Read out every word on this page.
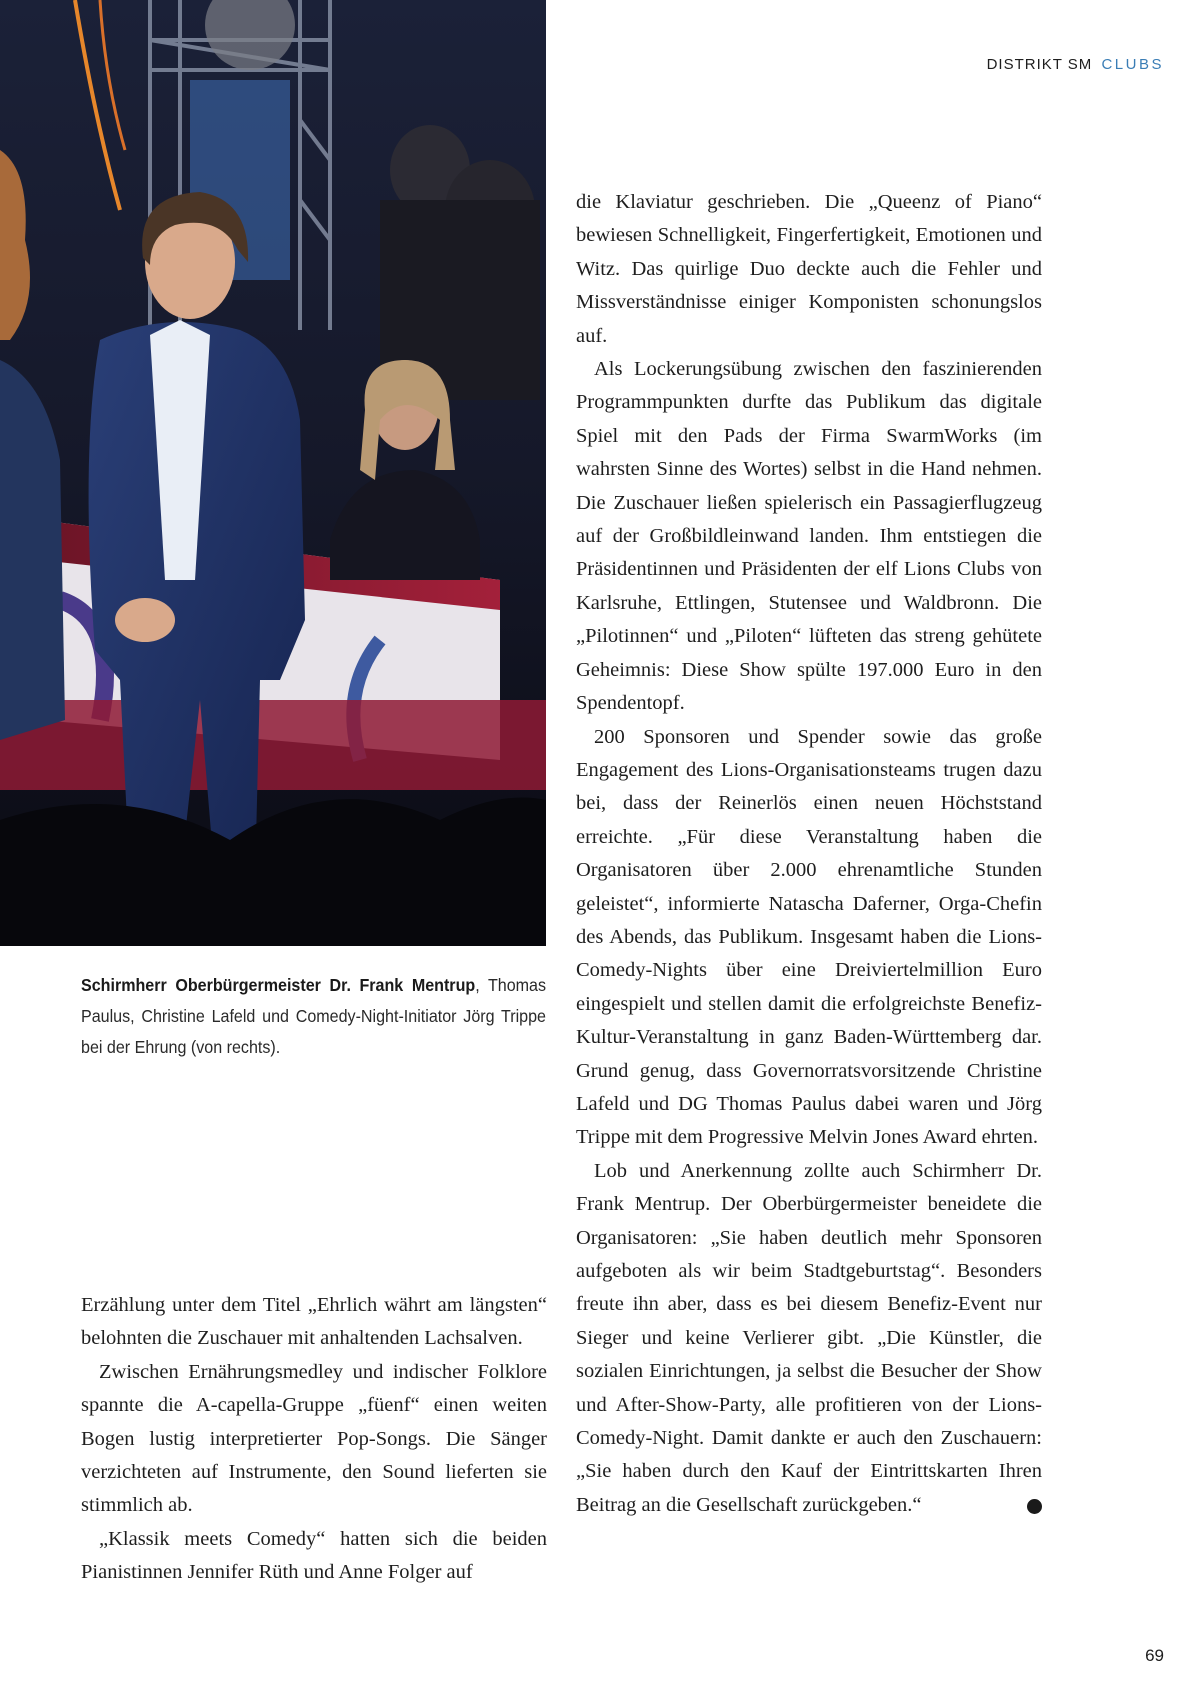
DISTRIKT SM CLUBS
Schirmherr Oberbürgermeister Dr. Frank Mentrup, Thomas Paulus, Christine Lafeld und Comedy-Night-Initiator Jörg Trippe bei der Ehrung (von rechts).

Erzählung unter dem Titel „Ehrlich währt am längsten“ belohnten die Zuschauer mit anhaltenden Lachsalven.

Zwischen Ernährungsmedley und indischer Folklore spannte die A-capella-Gruppe „füenf“ einen weiten Bogen lustig interpretierter Pop-Songs. Die Sänger verzichteten auf Instrumente, den Sound lieferten sie stimmlich ab.

„Klassik meets Comedy“ hatten sich die beiden Pianistinnen Jennifer Rüth und Anne Folger auf

die Klaviatur geschrieben. Die „Queenz of Piano“ bewiesen Schnelligkeit, Fingerfertigkeit, Emotionen und Witz. Das quirlige Duo deckte auch die Fehler und Missverständnisse einiger Komponisten schonungslos auf.

Als Lockerungsübung zwischen den faszinierenden Programmpunkten durfte das Publikum das digitale Spiel mit den Pads der Firma SwarmWorks (im wahrsten Sinne des Wortes) selbst in die Hand nehmen. Die Zuschauer ließen spielerisch ein Passagierflugzeug auf der Großbildleinwand landen. Ihm entstiegen die Präsidentinnen und Präsidenten der elf Lions Clubs von Karlsruhe, Ettlingen, Stutensee und Waldbronn. Die „Pilotinnen“ und „Piloten“ lüfteten das streng gehütete Geheimnis: Diese Show spülte 197.000 Euro in den Spendentopf.

200 Sponsoren und Spender sowie das große Engagement des Lions-Organisationsteams trugen dazu bei, dass der Reinerlös einen neuen Höchststand erreichte. „Für diese Veranstaltung haben die Organisatoren über 2.000 ehrenamtliche Stunden geleistet“, informierte Natascha Daferner, Orga-Chefin des Abends, das Publikum. Insgesamt haben die Lions-Comedy-Nights über eine Dreiviertelmillion Euro eingespielt und stellen damit die erfolgreichste Benefiz-Kultur-Veranstaltung in ganz Baden-Württemberg dar. Grund genug, dass Governorratsvorsitzende Christine Lafeld und DG Thomas Paulus dabei waren und Jörg Trippe mit dem Progressive Melvin Jones Award ehrten.

Lob und Anerkennung zollte auch Schirmherr Dr. Frank Mentrup. Der Oberbürgermeister beneidete die Organisatoren: „Sie haben deutlich mehr Sponsoren aufgeboten als wir beim Stadtgeburtstag“. Besonders freute ihn aber, dass es bei diesem Benefiz-Event nur Sieger und keine Verlierer gibt. „Die Künstler, die sozialen Einrichtungen, ja selbst die Besucher der Show und After-Show-Party, alle profitieren von der Lions-Comedy-Night. Damit dankte er auch den Zuschauern: „Sie haben durch den Kauf der Eintrittskarten Ihren Beitrag an die Gesellschaft zurückgeben.“	L

69
